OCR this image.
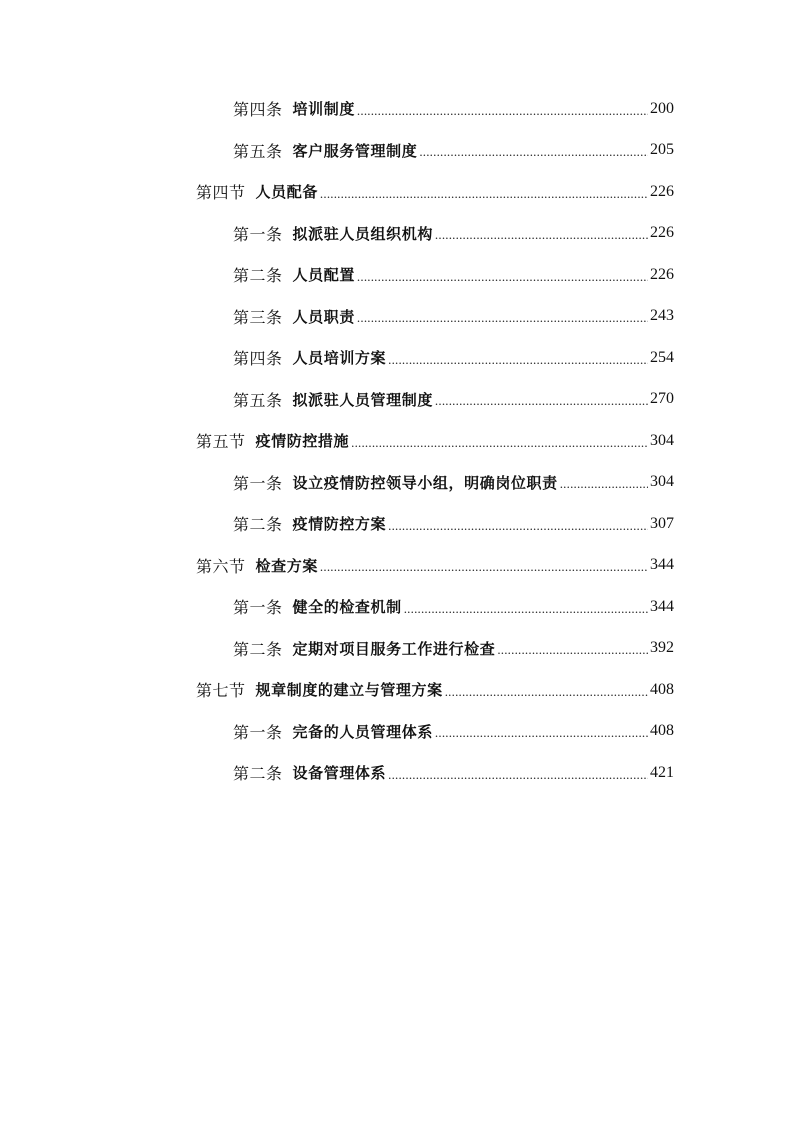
第四条 培训制度 .....	200
第五条 客户服务管理制度 .....	205
第四节 人员配备 .....	226
第一条 拟派驻人员组织机构 .....	226
第二条 人员配置 .....	226
第三条 人员职责 .....	243
第四条 人员培训方案 .....	254
第五条 拟派驻人员管理制度 .....	270
第五节 疫情防控措施 .....	304
第一条 设立疫情防控领导小组，明确岗位职责 .....	304
第二条 疫情防控方案 .....	307
第六节 检查方案 .....	344
第一条 健全的检查机制 .....	344
第二条 定期对项目服务工作进行检查 .....	392
第七节 规章制度的建立与管理方案 .....	408
第一条 完备的人员管理体系 .....	408
第二条 设备管理体系 .....	421
